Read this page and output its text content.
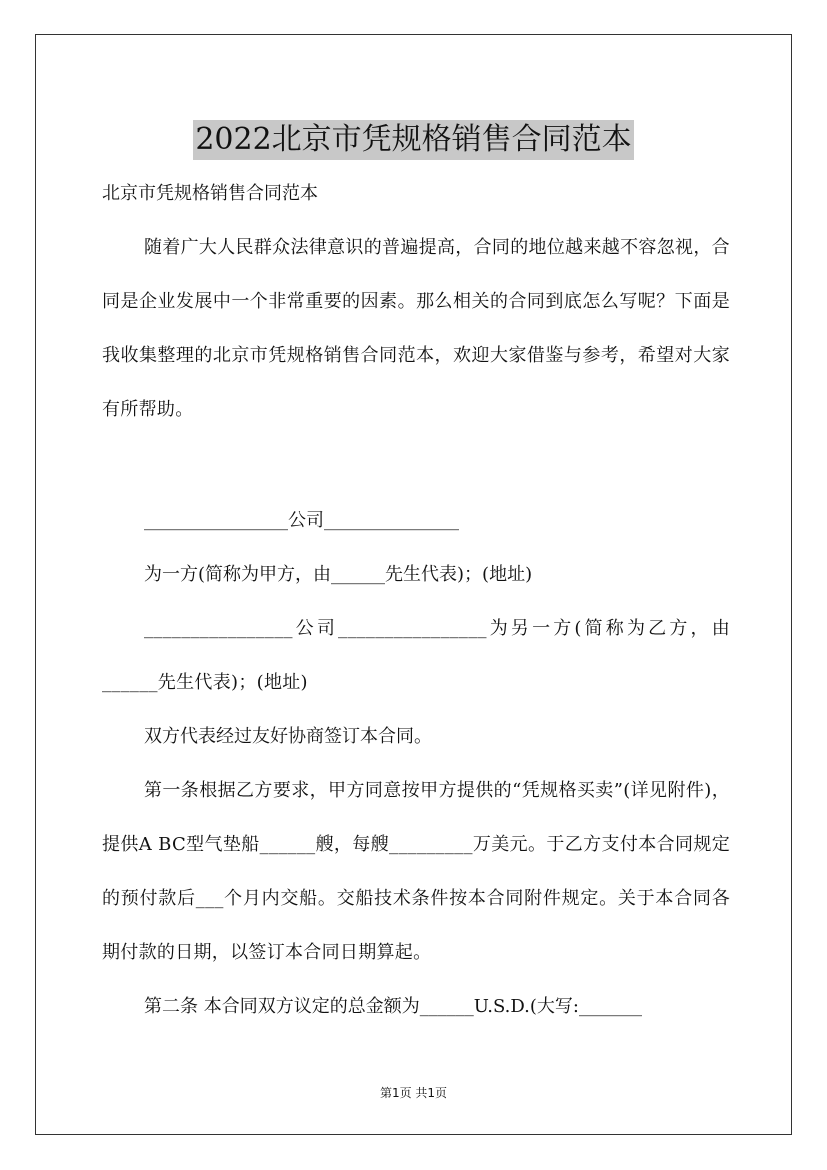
2022北京市凭规格销售合同范本

北京市凭规格销售合同范本

随着广大人民群众法律意识的普遍提高，合同的地位越来越不容忽视，合同是企业发展中一个非常重要的因素。那么相关的合同到底怎么写呢？下面是我收集整理的北京市凭规格销售合同范本，欢迎大家借鉴与参考，希望对大家有所帮助。

________________公司_______________

为一方(简称为甲方，由______先生代表)；(地址)

________________公司________________为另一方(简称为乙方，由______先生代表)；(地址)

双方代表经过友好协商签订本合同。

第一条根据乙方要求，甲方同意按甲方提供的“凭规格买卖”(详见附件)，提供A BC型气垫船______艘，每艘_________万美元。于乙方支付本合同规定的预付款后___个月内交船。交船技术条件按本合同附件规定。关于本合同各期付款的日期，以签订本合同日期算起。

第二条 本合同双方议定的总金额为______U.S.D.(大写:_______

第1页 共1页
